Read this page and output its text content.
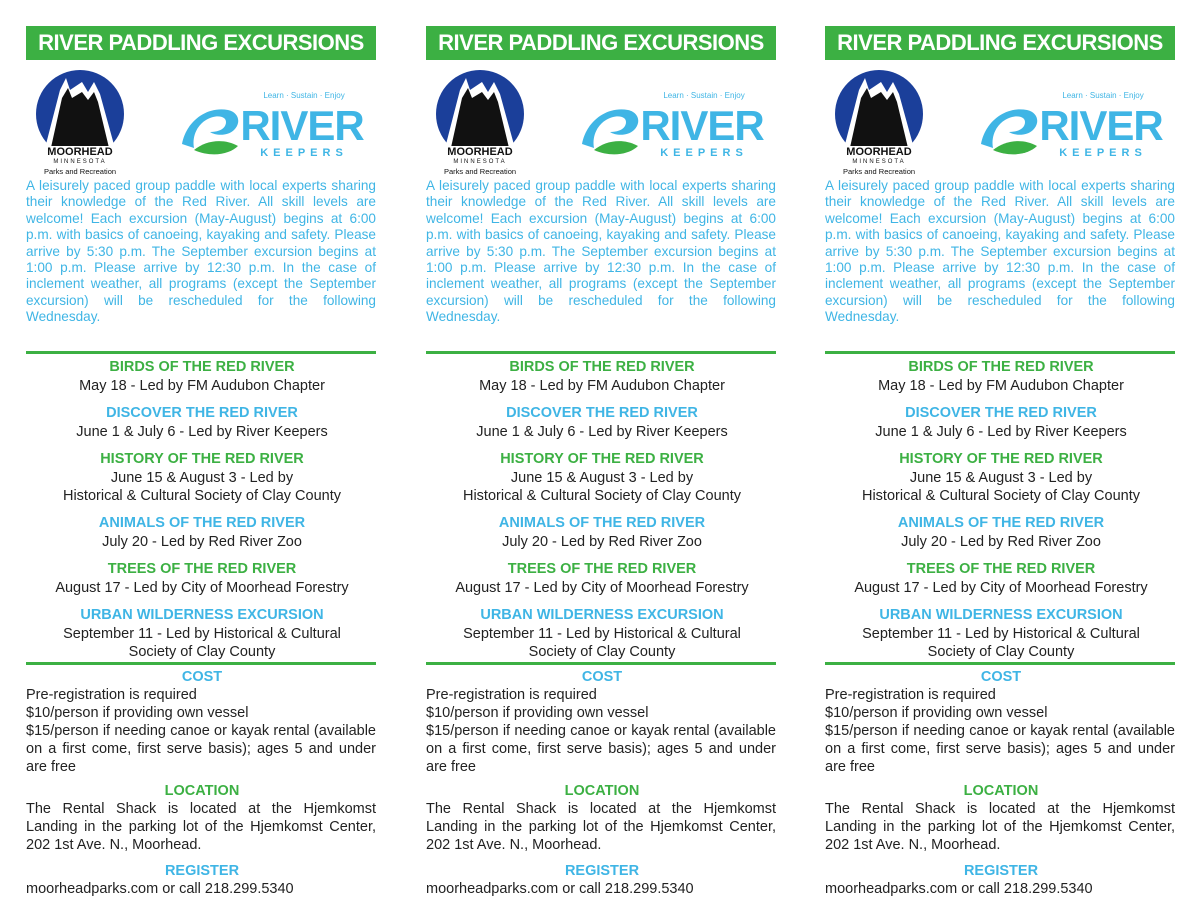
RIVER PADDLING EXCURSIONS
MOORHEAD
MINNESOTA
Parks and Recreation
Learn · Sustain · Enjoy
RIVER
KEEPERS
A leisurely paced group paddle with local experts sharing their knowledge of the Red River. All skill levels are welcome! Each excursion (May-August) begins at 6:00 p.m. with basics of canoeing, kayaking and safety. Please arrive by 5:30 p.m. The September excursion begins at 1:00 p.m. Please arrive by 12:30 p.m. In the case of inclement weather, all programs (except the September excursion) will be rescheduled for the following Wednesday.
BIRDS OF THE RED RIVER
May 18 - Led by FM Audubon Chapter
DISCOVER THE RED RIVER
June 1 & July 6 - Led by River Keepers
HISTORY OF THE RED RIVER
June 15 & August 3 - Led by
Historical & Cultural Society of Clay County
ANIMALS OF THE RED RIVER
July 20 - Led by Red River Zoo
TREES OF THE RED RIVER
August 17 - Led by City of Moorhead Forestry
URBAN WILDERNESS EXCURSION
September 11 - Led by Historical & Cultural
Society of Clay County
COST
Pre-registration is required
$10/person if providing own vessel
$15/person if needing canoe or kayak rental (available on a first come, first serve basis); ages 5 and under are free
LOCATION
The Rental Shack is located at the Hjemkomst Landing in the parking lot of the Hjemkomst Center, 202 1st Ave. N., Moorhead.
REGISTER
moorheadparks.com or call 218.299.5340
RIVER PADDLING EXCURSIONS
MOORHEAD
MINNESOTA
Parks and Recreation
Learn · Sustain · Enjoy
RIVER
KEEPERS
A leisurely paced group paddle with local experts sharing their knowledge of the Red River. All skill levels are welcome! Each excursion (May-August) begins at 6:00 p.m. with basics of canoeing, kayaking and safety. Please arrive by 5:30 p.m. The September excursion begins at 1:00 p.m. Please arrive by 12:30 p.m. In the case of inclement weather, all programs (except the September excursion) will be rescheduled for the following Wednesday.
BIRDS OF THE RED RIVER
May 18 - Led by FM Audubon Chapter
DISCOVER THE RED RIVER
June 1 & July 6 - Led by River Keepers
HISTORY OF THE RED RIVER
June 15 & August 3 - Led by
Historical & Cultural Society of Clay County
ANIMALS OF THE RED RIVER
July 20 - Led by Red River Zoo
TREES OF THE RED RIVER
August 17 - Led by City of Moorhead Forestry
URBAN WILDERNESS EXCURSION
September 11 - Led by Historical & Cultural
Society of Clay County
COST
Pre-registration is required
$10/person if providing own vessel
$15/person if needing canoe or kayak rental (available on a first come, first serve basis); ages 5 and under are free
LOCATION
The Rental Shack is located at the Hjemkomst Landing in the parking lot of the Hjemkomst Center, 202 1st Ave. N., Moorhead.
REGISTER
moorheadparks.com or call 218.299.5340
RIVER PADDLING EXCURSIONS
MOORHEAD
MINNESOTA
Parks and Recreation
Learn · Sustain · Enjoy
RIVER
KEEPERS
A leisurely paced group paddle with local experts sharing their knowledge of the Red River. All skill levels are welcome! Each excursion (May-August) begins at 6:00 p.m. with basics of canoeing, kayaking and safety. Please arrive by 5:30 p.m. The September excursion begins at 1:00 p.m. Please arrive by 12:30 p.m. In the case of inclement weather, all programs (except the September excursion) will be rescheduled for the following Wednesday.
BIRDS OF THE RED RIVER
May 18 - Led by FM Audubon Chapter
DISCOVER THE RED RIVER
June 1 & July 6 - Led by River Keepers
HISTORY OF THE RED RIVER
June 15 & August 3 - Led by
Historical & Cultural Society of Clay County
ANIMALS OF THE RED RIVER
July 20 - Led by Red River Zoo
TREES OF THE RED RIVER
August 17 - Led by City of Moorhead Forestry
URBAN WILDERNESS EXCURSION
September 11 - Led by Historical & Cultural
Society of Clay County
COST
Pre-registration is required
$10/person if providing own vessel
$15/person if needing canoe or kayak rental (available on a first come, first serve basis); ages 5 and under are free
LOCATION
The Rental Shack is located at the Hjemkomst Landing in the parking lot of the Hjemkomst Center, 202 1st Ave. N., Moorhead.
REGISTER
moorheadparks.com or call 218.299.5340
